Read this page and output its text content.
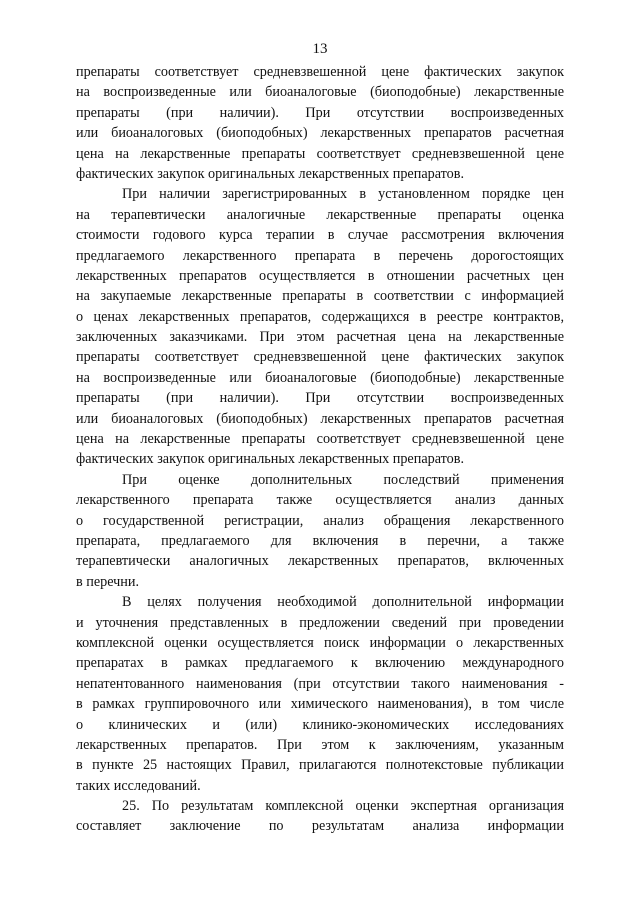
13
препараты соответствует средневзвешенной цене фактических закупок
на воспроизведенные или биоаналоговые (биоподобные) лекарственные
препараты (при наличии). При отсутствии воспроизведенных
или биоаналоговых (биоподобных) лекарственных препаратов расчетная
цена на лекарственные препараты соответствует средневзвешенной цене
фактических закупок оригинальных лекарственных препаратов.
При наличии зарегистрированных в установленном порядке цен
на терапевтически аналогичные лекарственные препараты оценка
стоимости годового курса терапии в случае рассмотрения включения
предлагаемого лекарственного препарата в перечень дорогостоящих
лекарственных препаратов осуществляется в отношении расчетных цен
на закупаемые лекарственные препараты в соответствии с информацией
о ценах лекарственных препаратов, содержащихся в реестре контрактов,
заключенных заказчиками. При этом расчетная цена на лекарственные
препараты соответствует средневзвешенной цене фактических закупок
на воспроизведенные или биоаналоговые (биоподобные) лекарственные
препараты (при наличии). При отсутствии воспроизведенных
или биоаналоговых (биоподобных) лекарственных препаратов расчетная
цена на лекарственные препараты соответствует средневзвешенной цене
фактических закупок оригинальных лекарственных препаратов.
При оценке дополнительных последствий применения
лекарственного препарата также осуществляется анализ данных
о государственной регистрации, анализ обращения лекарственного
препарата, предлагаемого для включения в перечни, а также
терапевтически аналогичных лекарственных препаратов, включенных
в перечни.
В целях получения необходимой дополнительной информации
и уточнения представленных в предложении сведений при проведении
комплексной оценки осуществляется поиск информации о лекарственных
препаратах в рамках предлагаемого к включению международного
непатентованного наименования (при отсутствии такого наименования -
в рамках группировочного или химического наименования), в том числе
о клинических и (или) клинико-экономических исследованиях
лекарственных препаратов. При этом к заключениям, указанным
в пункте 25 настоящих Правил, прилагаются полнотекстовые публикации
таких исследований.
25. По результатам комплексной оценки экспертная организация
составляет заключение по результатам анализа информации
